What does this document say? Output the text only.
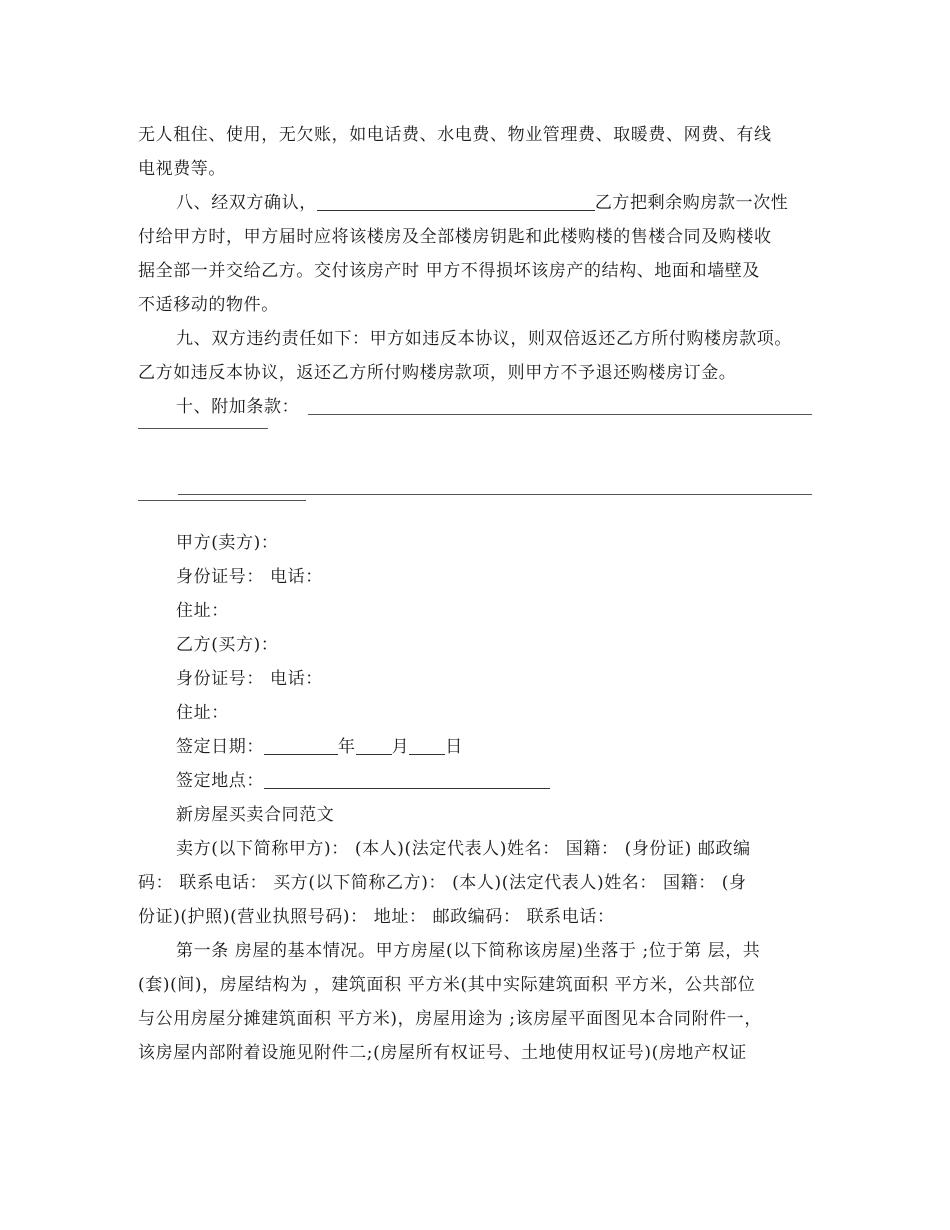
无人租住、使用，无欠账，如电话费、水电费、物业管理费、取暖费、网费、有线
电视费等。
八、经双方确认，	乙方把剩余购房款一次性
付给甲方时，甲方届时应将该楼房及全部楼房钥匙和此楼购楼的售楼合同及购楼收
据全部一并交给乙方。交付该房产时 甲方不得损坏该房产的结构、地面和墙壁及
不适移动的物件。
九、双方违约责任如下：甲方如违反本协议，则双倍返还乙方所付购楼房款项。
乙方如违反本协议，返还乙方所付购楼房款项，则甲方不予退还购楼房订金。
十、附加条款：
甲方(卖方)：
身份证号： 电话：
住址：
乙方(买方)：
身份证号： 电话：
住址：
签定日期：	年 月 日
签定地点：
新房屋买卖合同范文
卖方(以下简称甲方)： (本人)(法定代表人)姓名： 国籍： (身份证) 邮政编
码： 联系电话： 买方(以下简称乙方)： (本人)(法定代表人)姓名： 国籍： (身
份证)(护照)(营业执照号码)： 地址： 邮政编码： 联系电话：
第一条 房屋的基本情况。甲方房屋(以下简称该房屋)坐落于 ;位于第 层，共
(套)(间)，房屋结构为 ，建筑面积 平方米(其中实际建筑面积 平方米，公共部位
与公用房屋分摊建筑面积 平方米)，房屋用途为 ;该房屋平面图见本合同附件一，
该房屋内部附着设施见附件二;(房屋所有权证号、土地使用权证号)(房地产权证
